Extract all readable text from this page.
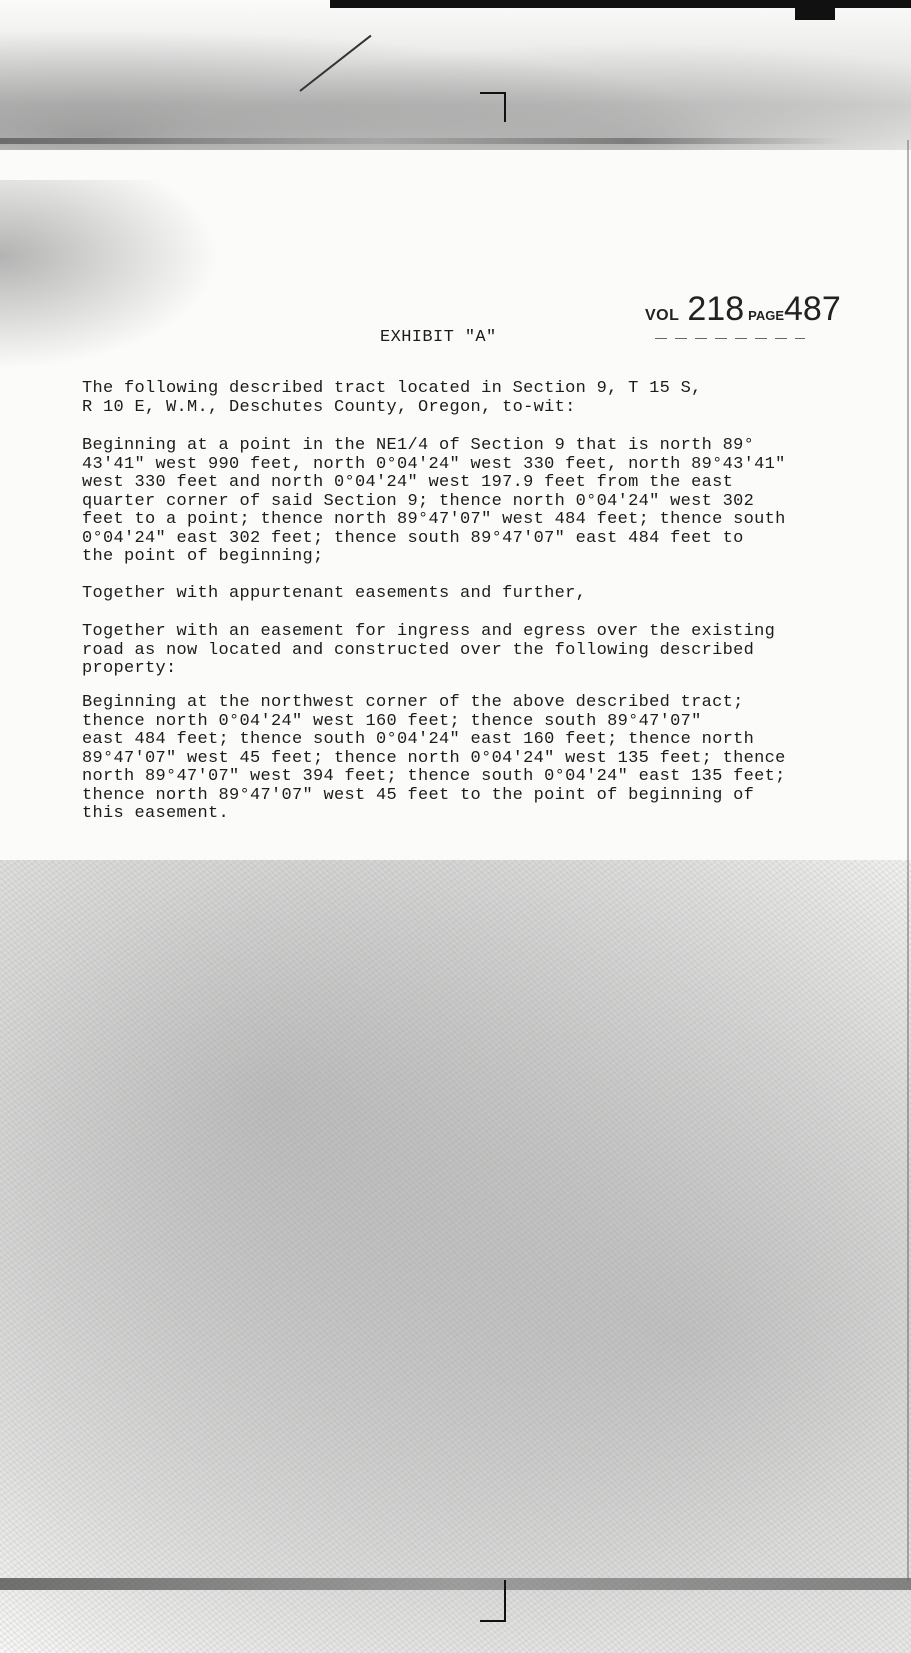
VOL 218 PAGE487
EXHIBIT "A"

The following described tract located in Section 9, T 15 S,
R 10 E, W.M., Deschutes County, Oregon, to-wit:

Beginning at a point in the NE1/4 of Section 9 that is north 89°
43'41" west 990 feet, north 0°04'24" west 330 feet, north 89°43'41"
west 330 feet and north 0°04'24" west 197.9 feet from the east
quarter corner of said Section 9; thence north 0°04'24" west 302
feet to a point; thence north 89°47'07" west 484 feet; thence south
0°04'24" east 302 feet; thence south 89°47'07" east 484 feet to
the point of beginning;

Together with appurtenant easements and further,

Together with an easement for ingress and egress over the existing
road as now located and constructed over the following described
property:

Beginning at the northwest corner of the above described tract;
thence north 0°04'24" west 160 feet; thence south 89°47'07"
east 484 feet; thence south 0°04'24" east 160 feet; thence north
89°47'07" west 45 feet; thence north 0°04'24" west 135 feet; thence
north 89°47'07" west 394 feet; thence south 0°04'24" east 135 feet;
thence north 89°47'07" west 45 feet to the point of beginning of
this easement.
